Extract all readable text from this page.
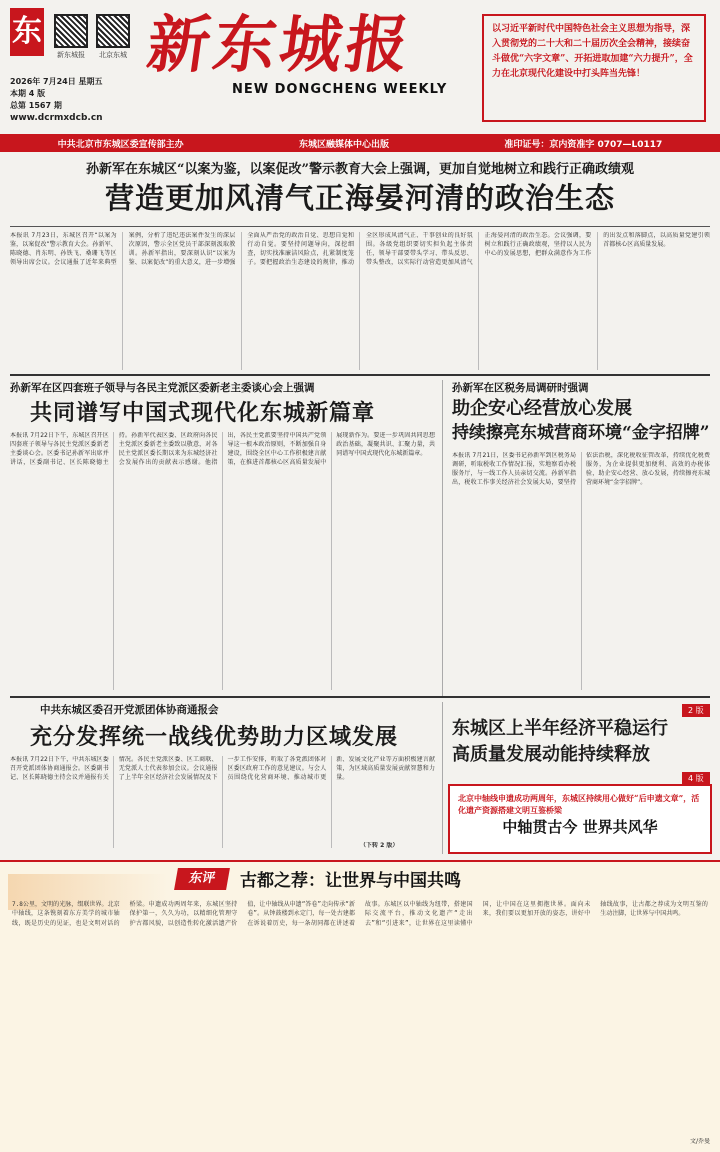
东
新东城报	北京东城
2026年 7月24日 星期五
本期 4 版
总第 1567 期
www.dcrmxdcb.cn
新东城报
NEW DONGCHENG WEEKLY
以习近平新时代中国特色社会主义思想为指导，深入贯彻党的二十大和二十届历次全会精神，接续奋斗做优“六字文章”、开拓进取加建“六力提升”，全力在北京现代化建设中打头阵当先锋！
中共北京市东城区委宣传部主办	东城区融媒体中心出版	准印证号：京内资准字 0707—L0117
孙新军在东城区“以案为鉴，以案促改”警示教育大会上强调，更加自觉地树立和践行正确政绩观
营造更加风清气正海晏河清的政治生态
本报讯 7月23日，东城区召开“以案为鉴，以案促改”警示教育大会。孙新军、陈晓德、肖东明、孙铁飞、桑珊飞等区领导出席会议。会议通报了近年来典型案例，分析了违纪违法案件发生的深层次原因，警示全区党员干部深刻汲取教训。孙新军指出，要深刻认识“以案为鉴、以案促改”的重大意义，进一步增强全面从严治党的政治自觉、思想自觉和行动自觉。要坚持问题导向，深挖细查，切实找准廉洁风险点，扎紧制度笼子。要把握政治生态建设的规律，推动全区形成风清气正、干事创业的良好氛围。各级党组织要切实担负起主体责任，领导干部要带头学习、带头反思、带头整改，以实际行动营造更加风清气正海晏河清的政治生态。会议强调，要树立和践行正确政绩观，坚持以人民为中心的发展思想，把群众满意作为工作的出发点和落脚点，以高质量党建引领首都核心区高质量发展。
孙新军在区四套班子领导与各民主党派区委新老主委谈心会上强调
共同谱写中国式现代化东城新篇章
本报讯 7月22日下午，东城区召开区四套班子领导与各民主党派区委新老主委谈心会。区委书记孙新军出席并讲话，区委副书记、区长陈晓德主持。孙新军代表区委、区政府向各民主党派区委新老主委致以敬意，对各民主党派区委长期以来为东城经济社会发展作出的贡献表示感谢。他指出，各民主党派要坚持中国共产党领导这一根本政治原则，不断加强自身建设，围绕全区中心工作积极建言献策，在推进首都核心区高质量发展中展现新作为。要进一步巩固共同思想政治基础，凝聚共识、汇聚力量，共同谱写中国式现代化东城新篇章。
孙新军在区税务局调研时强调
助企安心经营放心发展
持续擦亮东城营商环境“金字招牌”
本报讯 7月21日，区委书记孙新军到区税务局调研，听取税收工作情况汇报，实地察看办税服务厅，与一线工作人员亲切交流。孙新军指出，税收工作事关经济社会发展大局，要坚持依法治税，深化税收征管改革，持续优化税费服务，为企业提供更加便利、高效的办税体验，助企安心经营、放心发展，持续擦亮东城营商环境“金字招牌”。
中共东城区委召开党派团体协商通报会
充分发挥统一战线优势助力区域发展
本报讯 7月22日下午，中共东城区委召开党派团体协商通报会。区委副书记、区长陈晓德主持会议并通报有关情况。各民主党派区委、区工商联、无党派人士代表参加会议。会议通报了上半年全区经济社会发展情况及下一步工作安排，听取了各党派团体对区委区政府工作的意见建议。与会人员围绕优化营商环境、推动城市更新、发展文化产业等方面积极建言献策，为区域高质量发展贡献智慧和力量。
（下转 2 版）
2 版
东城区上半年经济平稳运行
高质量发展动能持续释放
4 版
北京中轴线申遗成功两周年，东城区持续用心做好“后申遗文章”，活化遗产资源搭建文明互鉴桥梁
中轴贯古今 世界共风华
东评	古都之荐：让世界与中国共鸣
7.8公里，文明的光脉，缀联世界。北京中轴线，这条镌刻着东方美学的城市轴线，既是历史的见证，也是文明对话的桥梁。申遗成功两周年来，东城区坚持保护第一，久久为功，以精细化管理守护古都风貌，以创造性转化激活遗产价值，让中轴线从申遗“答卷”走向传承“新卷”。从钟鼓楼到永定门，每一处古建都在诉说着历史，每一条胡同都在讲述着故事。东城区以中轴线为纽带，搭建国际交流平台，推动文化遗产“走出去”和“引进来”，让世界在这里读懂中国，让中国在这里拥抱世界。面向未来，我们要以更加开放的姿态，讲好中轴线故事，让古都之荐成为文明互鉴的生动注脚，让世界与中国共鸣。
文/乔曼
